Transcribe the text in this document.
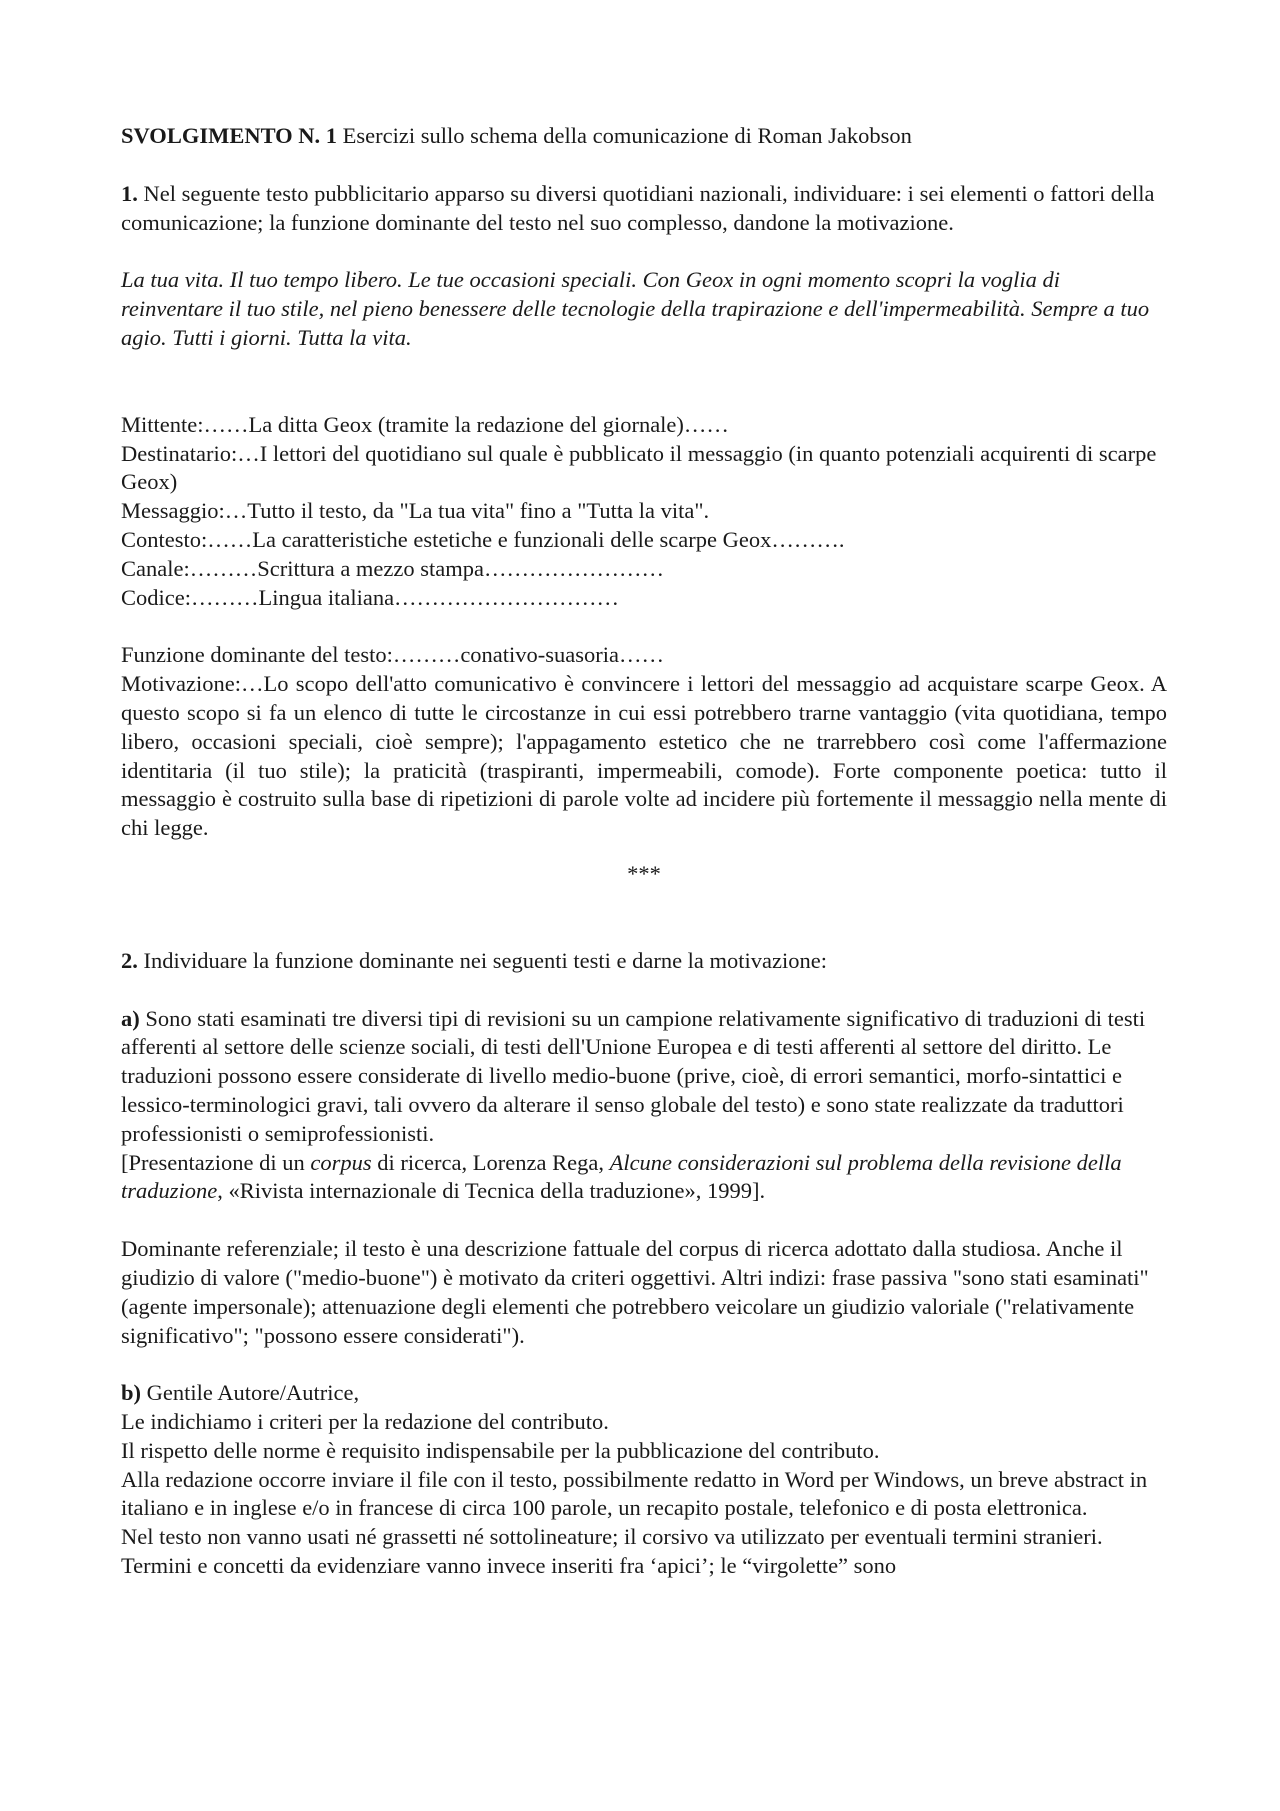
SVOLGIMENTO N. 1 Esercizi sullo schema della comunicazione di Roman Jakobson

1. Nel seguente testo pubblicitario apparso su diversi quotidiani nazionali, individuare: i sei elementi o fattori della comunicazione; la funzione dominante del testo nel suo complesso, dandone la motivazione.

La tua vita. Il tuo tempo libero. Le tue occasioni speciali. Con Geox in ogni momento scopri la voglia di reinventare il tuo stile, nel pieno benessere delle tecnologie della trapirazione e dell'impermeabilità. Sempre a tuo agio. Tutti i giorni. Tutta la vita.

Mittente:……La ditta Geox (tramite la redazione del giornale)……

Destinatario:…I lettori del quotidiano sul quale è pubblicato il messaggio (in quanto potenziali acquirenti di scarpe Geox)

Messaggio:…Tutto il testo, da "La tua vita" fino a "Tutta la vita".

Contesto:……La caratteristiche estetiche e funzionali delle scarpe Geox……….

Canale:………Scrittura a mezzo stampa……………………

Codice:………Lingua italiana…………………………

Funzione dominante del testo:………conativo-suasoria……

Motivazione:…Lo scopo dell'atto comunicativo è convincere i lettori del messaggio ad acquistare scarpe Geox. A questo scopo si fa un elenco di tutte le circostanze in cui essi potrebbero trarne vantaggio (vita quotidiana, tempo libero, occasioni speciali, cioè sempre); l'appagamento estetico che ne trarrebbero così come l'affermazione identitaria (il tuo stile); la praticità (traspiranti, impermeabili, comode). Forte componente poetica: tutto il messaggio è costruito sulla base di ripetizioni di parole volte ad incidere più fortemente il messaggio nella mente di chi legge.

***

2. Individuare la funzione dominante nei seguenti testi e darne la motivazione:

a) Sono stati esaminati tre diversi tipi di revisioni su un campione relativamente significativo di traduzioni di testi afferenti al settore delle scienze sociali, di testi dell'Unione Europea e di testi afferenti al settore del diritto. Le traduzioni possono essere considerate di livello medio-buone (prive, cioè, di errori semantici, morfo-sintattici e lessico-terminologici gravi, tali ovvero da alterare il senso globale del testo) e sono state realizzate da traduttori professionisti o semiprofessionisti.
[Presentazione di un corpus di ricerca, Lorenza Rega, Alcune considerazioni sul problema della revisione della traduzione, «Rivista internazionale di Tecnica della traduzione», 1999].

Dominante referenziale; il testo è una descrizione fattuale del corpus di ricerca adottato dalla studiosa. Anche il giudizio di valore ("medio-buone") è motivato da criteri oggettivi. Altri indizi: frase passiva "sono stati esaminati" (agente impersonale); attenuazione degli elementi che potrebbero veicolare un giudizio valoriale ("relativamente significativo"; "possono essere considerati").

b) Gentile Autore/Autrice,

Le indichiamo i criteri per la redazione del contributo.

Il rispetto delle norme è requisito indispensabile per la pubblicazione del contributo.

Alla redazione occorre inviare il file con il testo, possibilmente redatto in Word per Windows, un breve abstract in italiano e in inglese e/o in francese di circa 100 parole, un recapito postale, telefonico e di posta elettronica.

Nel testo non vanno usati né grassetti né sottolineature; il corsivo va utilizzato per eventuali termini stranieri. Termini e concetti da evidenziare vanno invece inseriti fra ‘apici’; le “virgolette” sono
